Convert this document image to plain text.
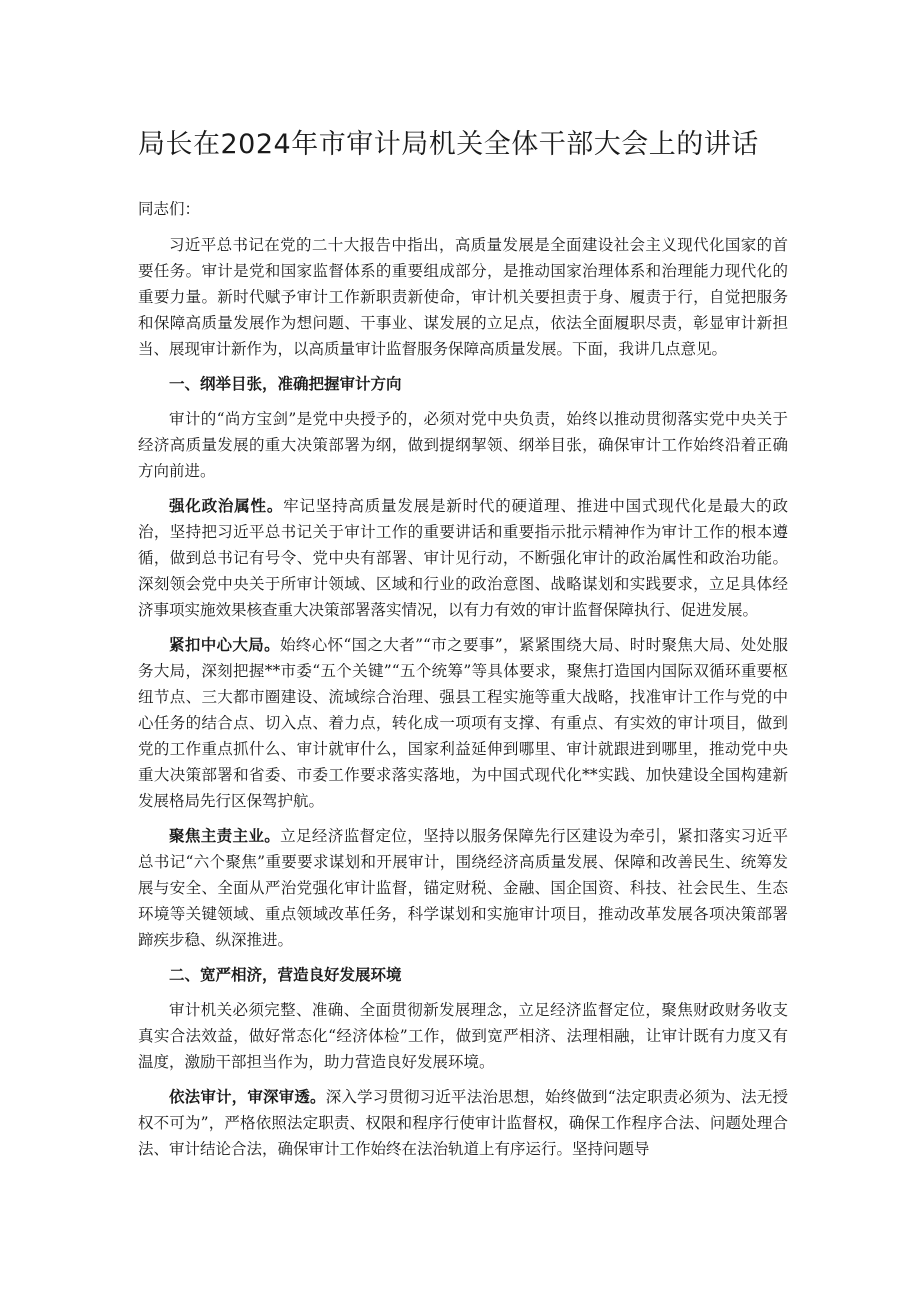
局长在2024年市审计局机关全体干部大会上的讲话

同志们：

习近平总书记在党的二十大报告中指出，高质量发展是全面建设社会主义现代化国家的首要任务。审计是党和国家监督体系的重要组成部分，是推动国家治理体系和治理能力现代化的重要力量。新时代赋予审计工作新职责新使命，审计机关要担责于身、履责于行，自觉把服务和保障高质量发展作为想问题、干事业、谋发展的立足点，依法全面履职尽责，彰显审计新担当、展现审计新作为，以高质量审计监督服务保障高质量发展。下面，我讲几点意见。

一、纲举目张，准确把握审计方向

审计的“尚方宝剑”是党中央授予的，必须对党中央负责，始终以推动贯彻落实党中央关于经济高质量发展的重大决策部署为纲，做到提纲挈领、纲举目张，确保审计工作始终沿着正确方向前进。

强化政治属性。牢记坚持高质量发展是新时代的硬道理、推进中国式现代化是最大的政治，坚持把习近平总书记关于审计工作的重要讲话和重要指示批示精神作为审计工作的根本遵循，做到总书记有号令、党中央有部署、审计见行动，不断强化审计的政治属性和政治功能。深刻领会党中央关于所审计领域、区域和行业的政治意图、战略谋划和实践要求，立足具体经济事项实施效果核查重大决策部署落实情况，以有力有效的审计监督保障执行、促进发展。

紧扣中心大局。始终心怀“国之大者”“市之要事”，紧紧围绕大局、时时聚焦大局、处处服务大局，深刻把握**市委“五个关键”“五个统筹”等具体要求，聚焦打造国内国际双循环重要枢纽节点、三大都市圈建设、流域综合治理、强县工程实施等重大战略，找准审计工作与党的中心任务的结合点、切入点、着力点，转化成一项项有支撑、有重点、有实效的审计项目，做到党的工作重点抓什么、审计就审什么，国家利益延伸到哪里、审计就跟进到哪里，推动党中央重大决策部署和省委、市委工作要求落实落地，为中国式现代化**实践、加快建设全国构建新发展格局先行区保驾护航。

聚焦主责主业。立足经济监督定位，坚持以服务保障先行区建设为牵引，紧扣落实习近平总书记“六个聚焦”重要要求谋划和开展审计，围绕经济高质量发展、保障和改善民生、统筹发展与安全、全面从严治党强化审计监督，锚定财税、金融、国企国资、科技、社会民生、生态环境等关键领域、重点领域改革任务，科学谋划和实施审计项目，推动改革发展各项决策部署蹄疾步稳、纵深推进。

二、宽严相济，营造良好发展环境

审计机关必须完整、准确、全面贯彻新发展理念，立足经济监督定位，聚焦财政财务收支真实合法效益，做好常态化“经济体检”工作，做到宽严相济、法理相融，让审计既有力度又有温度，激励干部担当作为，助力营造良好发展环境。

依法审计，审深审透。深入学习贯彻习近平法治思想，始终做到“法定职责必须为、法无授权不可为”，严格依照法定职责、权限和程序行使审计监督权，确保工作程序合法、问题处理合法、审计结论合法，确保审计工作始终在法治轨道上有序运行。坚持问题导
